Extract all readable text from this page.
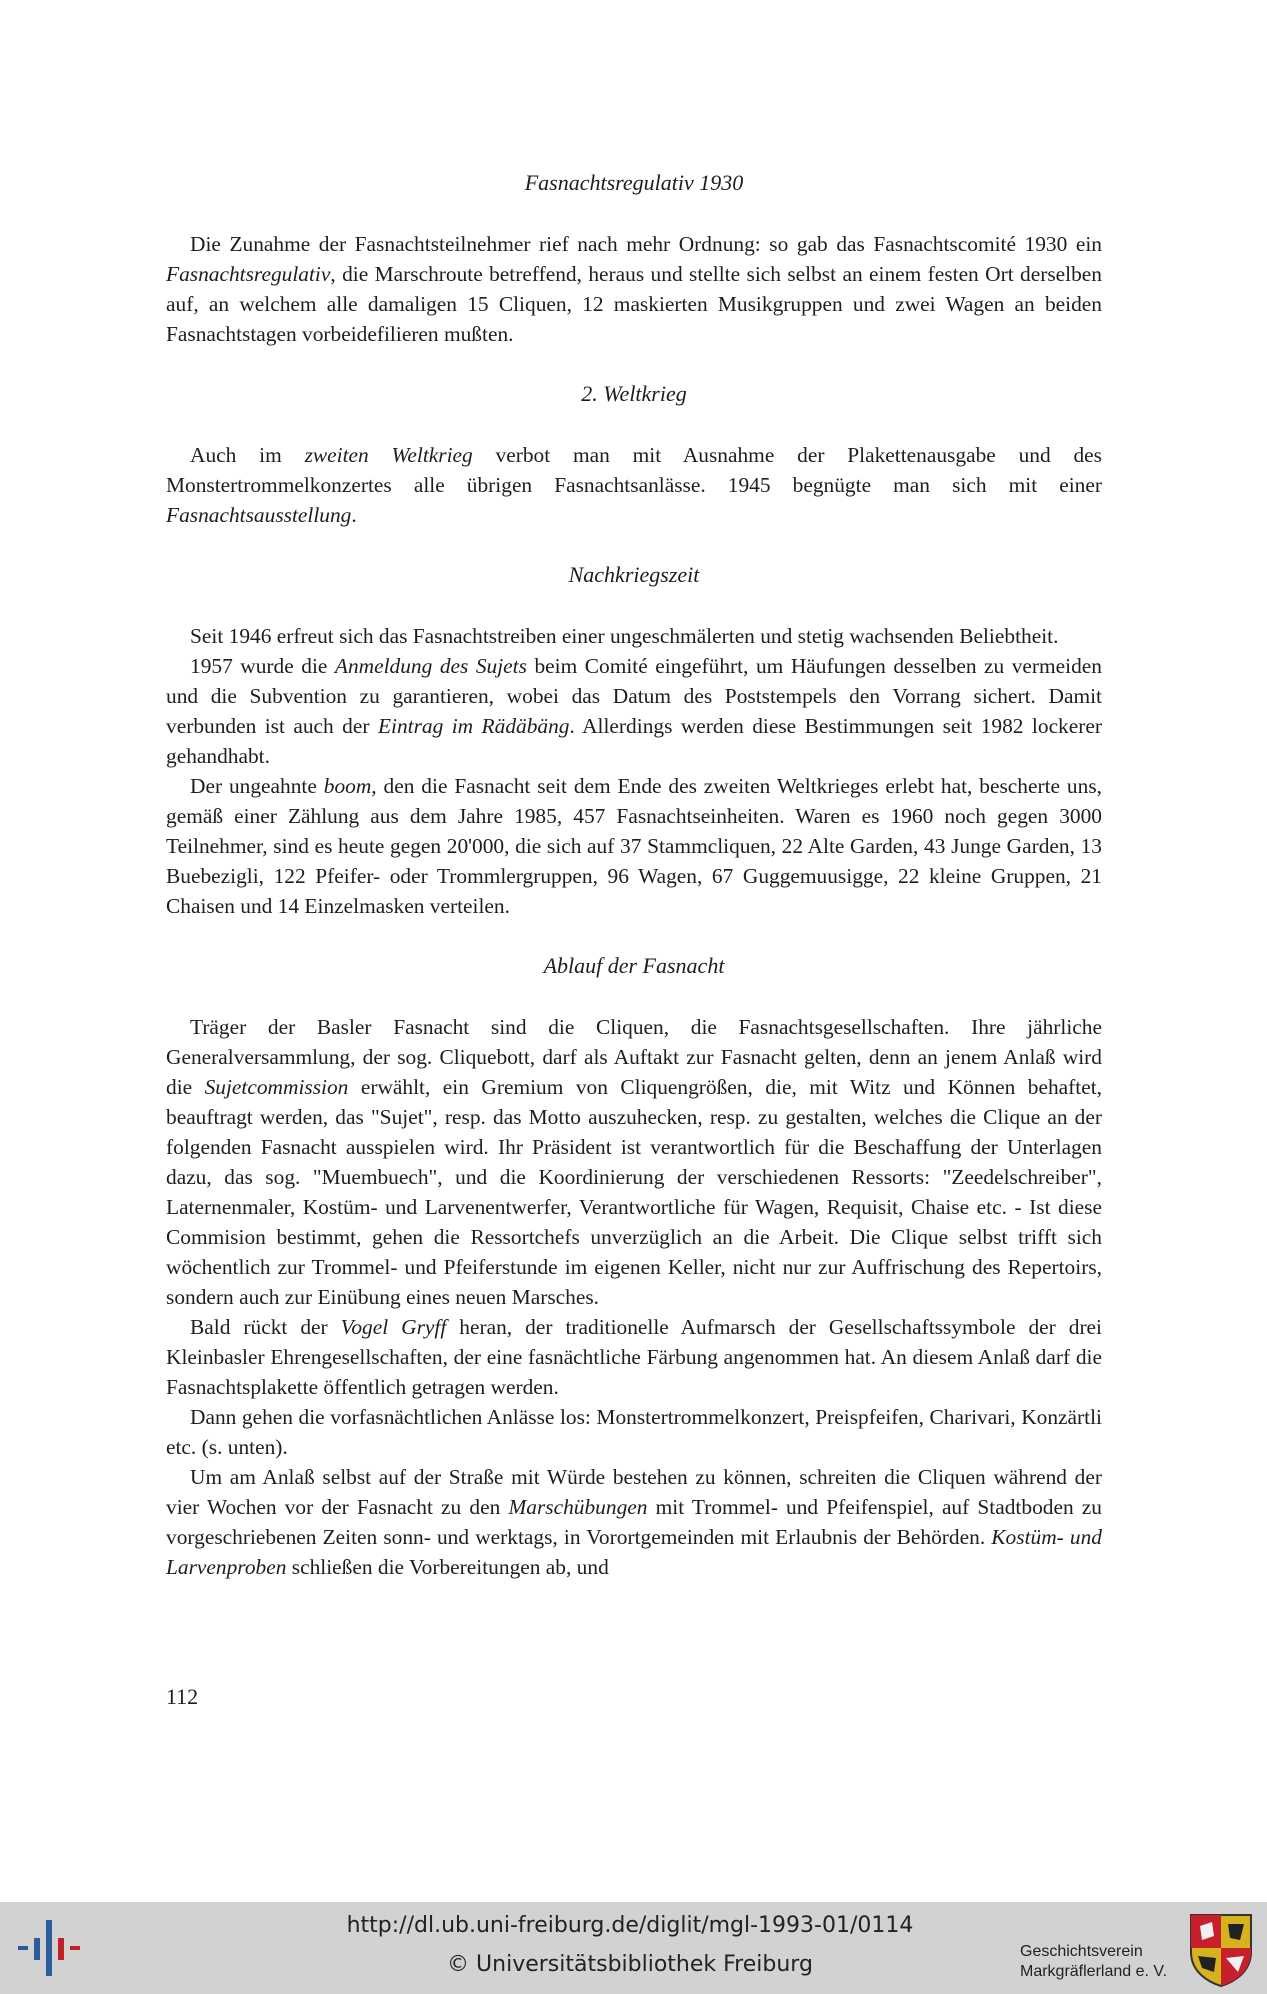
Fasnachtsregulativ 1930

Die Zunahme der Fasnachtsteilnehmer rief nach mehr Ordnung: so gab das Fasnachtscomité 1930 ein Fasnachtsregulativ, die Marschroute betreffend, heraus und stellte sich selbst an einem festen Ort derselben auf, an welchem alle damaligen 15 Cliquen, 12 maskierten Musikgruppen und zwei Wagen an beiden Fasnachtstagen vorbeidefilieren mußten.

2. Weltkrieg

Auch im zweiten Weltkrieg verbot man mit Ausnahme der Plakettenausgabe und des Monstertrommelkonzertes alle übrigen Fasnachtsanlässe. 1945 begnügte man sich mit einer Fasnachtsausstellung.

Nachkriegszeit

Seit 1946 erfreut sich das Fasnachtstreiben einer ungeschmälerten und stetig wachsenden Beliebtheit.

1957 wurde die Anmeldung des Sujets beim Comité eingeführt, um Häufungen desselben zu vermeiden und die Subvention zu garantieren, wobei das Datum des Poststempels den Vorrang sichert. Damit verbunden ist auch der Eintrag im Rädäbäng. Allerdings werden diese Bestimmungen seit 1982 lockerer gehandhabt.

Der ungeahnte boom, den die Fasnacht seit dem Ende des zweiten Weltkrieges erlebt hat, bescherte uns, gemäß einer Zählung aus dem Jahre 1985, 457 Fasnachtseinheiten. Waren es 1960 noch gegen 3000 Teilnehmer, sind es heute gegen 20'000, die sich auf 37 Stammcliquen, 22 Alte Garden, 43 Junge Garden, 13 Buebezigli, 122 Pfeifer- oder Trommlergruppen, 96 Wagen, 67 Guggemuusigge, 22 kleine Gruppen, 21 Chaisen und 14 Einzelmasken verteilen.

Ablauf der Fasnacht

Träger der Basler Fasnacht sind die Cliquen, die Fasnachtsgesellschaften. Ihre jährliche Generalversammlung, der sog. Cliquebott, darf als Auftakt zur Fasnacht gelten, denn an jenem Anlaß wird die Sujetcommission erwählt, ein Gremium von Cliquengrößen, die, mit Witz und Können behaftet, beauftragt werden, das "Sujet", resp. das Motto auszuhecken, resp. zu gestalten, welches die Clique an der folgenden Fasnacht ausspielen wird. Ihr Präsident ist verantwortlich für die Beschaffung der Unterlagen dazu, das sog. "Muembuech", und die Koordinierung der verschiedenen Ressorts: "Zeedelschreiber", Laternenmaler, Kostüm- und Larvenentwerfer, Verantwortliche für Wagen, Requisit, Chaise etc. - Ist diese Commision bestimmt, gehen die Ressortchefs unverzüglich an die Arbeit. Die Clique selbst trifft sich wöchentlich zur Trommel- und Pfeiferstunde im eigenen Keller, nicht nur zur Auffrischung des Repertoirs, sondern auch zur Einübung eines neuen Marsches.

Bald rückt der Vogel Gryff heran, der traditionelle Aufmarsch der Gesellschaftssymbole der drei Kleinbasler Ehrengesellschaften, der eine fasnächtliche Färbung angenommen hat. An diesem Anlaß darf die Fasnachtsplakette öffentlich getragen werden.

Dann gehen die vorfasnächtlichen Anlässe los: Monstertrommelkonzert, Preispfeifen, Charivari, Konzärtli etc. (s. unten).

Um am Anlaß selbst auf der Straße mit Würde bestehen zu können, schreiten die Cliquen während der vier Wochen vor der Fasnacht zu den Marschübungen mit Trommel- und Pfeifenspiel, auf Stadtboden zu vorgeschriebenen Zeiten sonn- und werktags, in Vorortgemeinden mit Erlaubnis der Behörden. Kostüm- und Larvenproben schließen die Vorbereitungen ab, und

112
http://dl.ub.uni-freiburg.de/diglit/mgl-1993-01/0114
© Universitätsbibliothek Freiburg
Geschichtsverein
Markgräflerland e. V.
